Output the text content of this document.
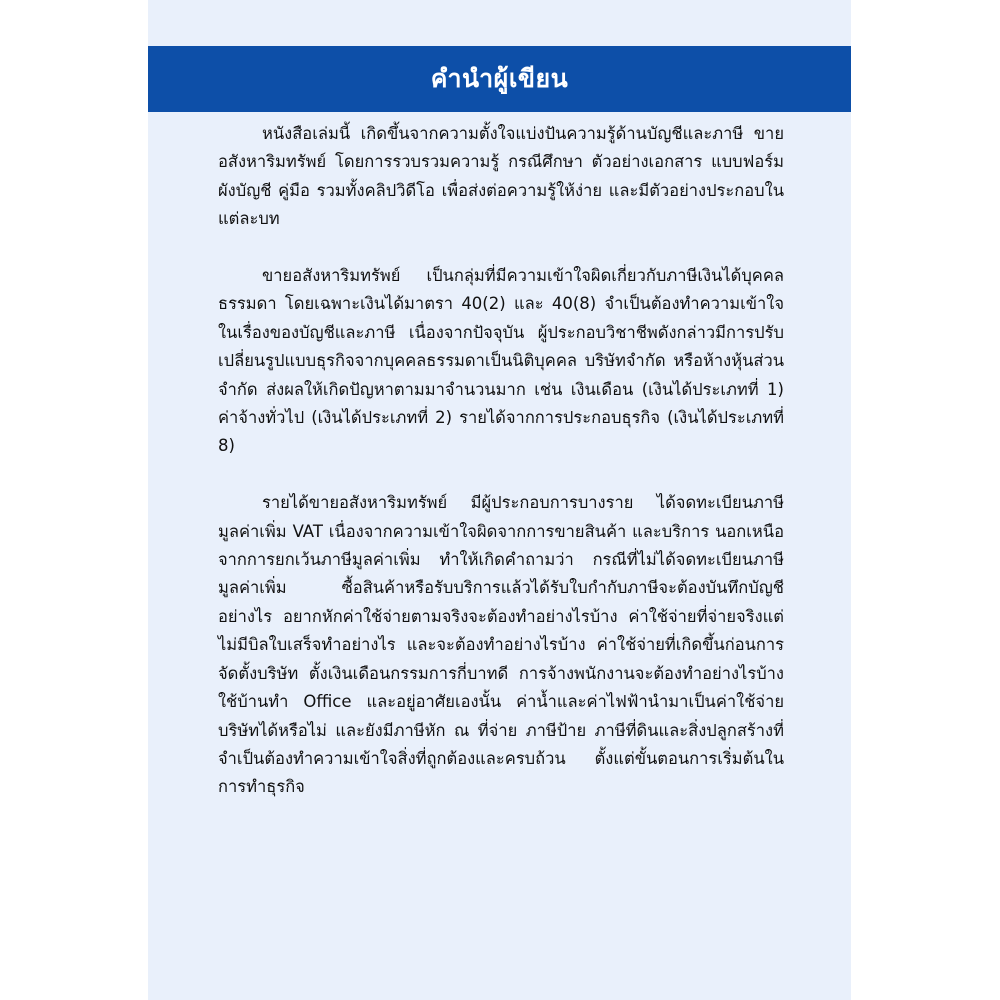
คำนำผู้เขียน

หนังสือเล่มนี้ เกิดขึ้นจากความตั้งใจแบ่งปันความรู้ด้านบัญชีและภาษี ขายอสังหาริมทรัพย์ โดยการรวบรวมความรู้ กรณีศึกษา ตัวอย่างเอกสาร แบบฟอร์ม ผังบัญชี คู่มือ รวมทั้งคลิปวิดีโอ เพื่อส่งต่อความรู้ให้ง่าย และมีตัวอย่างประกอบในแต่ละบท

ขายอสังหาริมทรัพย์ เป็นกลุ่มที่มีความเข้าใจผิดเกี่ยวกับภาษีเงินได้บุคคลธรรมดา โดยเฉพาะเงินได้มาตรา 40(2) และ 40(8) จำเป็นต้องทำความเข้าใจในเรื่องของบัญชีและภาษี เนื่องจากปัจจุบัน ผู้ประกอบวิชาชีพดังกล่าวมีการปรับเปลี่ยนรูปแบบธุรกิจจากบุคคลธรรมดาเป็นนิติบุคคล บริษัทจำกัด หรือห้างหุ้นส่วนจำกัด ส่งผลให้เกิดปัญหาตามมาจำนวนมาก เช่น เงินเดือน (เงินได้ประเภทที่ 1) ค่าจ้างทั่วไป (เงินได้ประเภทที่ 2) รายได้จากการประกอบธุรกิจ (เงินได้ประเภทที่ 8)

รายได้ขายอสังหาริมทรัพย์ มีผู้ประกอบการบางราย ได้จดทะเบียนภาษีมูลค่าเพิ่ม VAT เนื่องจากความเข้าใจผิดจากการขายสินค้า และบริการ นอกเหนือจากการยกเว้นภาษีมูลค่าเพิ่ม ทำให้เกิดคำถามว่า กรณีที่ไม่ได้จดทะเบียนภาษีมูลค่าเพิ่ม ซื้อสินค้าหรือรับบริการแล้วได้รับใบกำกับภาษีจะต้องบันทึกบัญชีอย่างไร อยากหักค่าใช้จ่ายตามจริงจะต้องทำอย่างไรบ้าง ค่าใช้จ่ายที่จ่ายจริงแต่ไม่มีบิลใบเสร็จทำอย่างไร และจะต้องทำอย่างไรบ้าง ค่าใช้จ่ายที่เกิดขึ้นก่อนการจัดตั้งบริษัท ตั้งเงินเดือนกรรมการกี่บาทดี การจ้างพนักงานจะต้องทำอย่างไรบ้าง ใช้บ้านทำ Office และอยู่อาศัยเองนั้น ค่าน้ำและค่าไฟฟ้านำมาเป็นค่าใช้จ่ายบริษัทได้หรือไม่ และยังมีภาษีหัก ณ ที่จ่าย ภาษีป้าย ภาษีที่ดินและสิ่งปลูกสร้างที่จำเป็นต้องทำความเข้าใจสิ่งที่ถูกต้องและครบถ้วน ตั้งแต่ขั้นตอนการเริ่มต้นในการทำธุรกิจ
